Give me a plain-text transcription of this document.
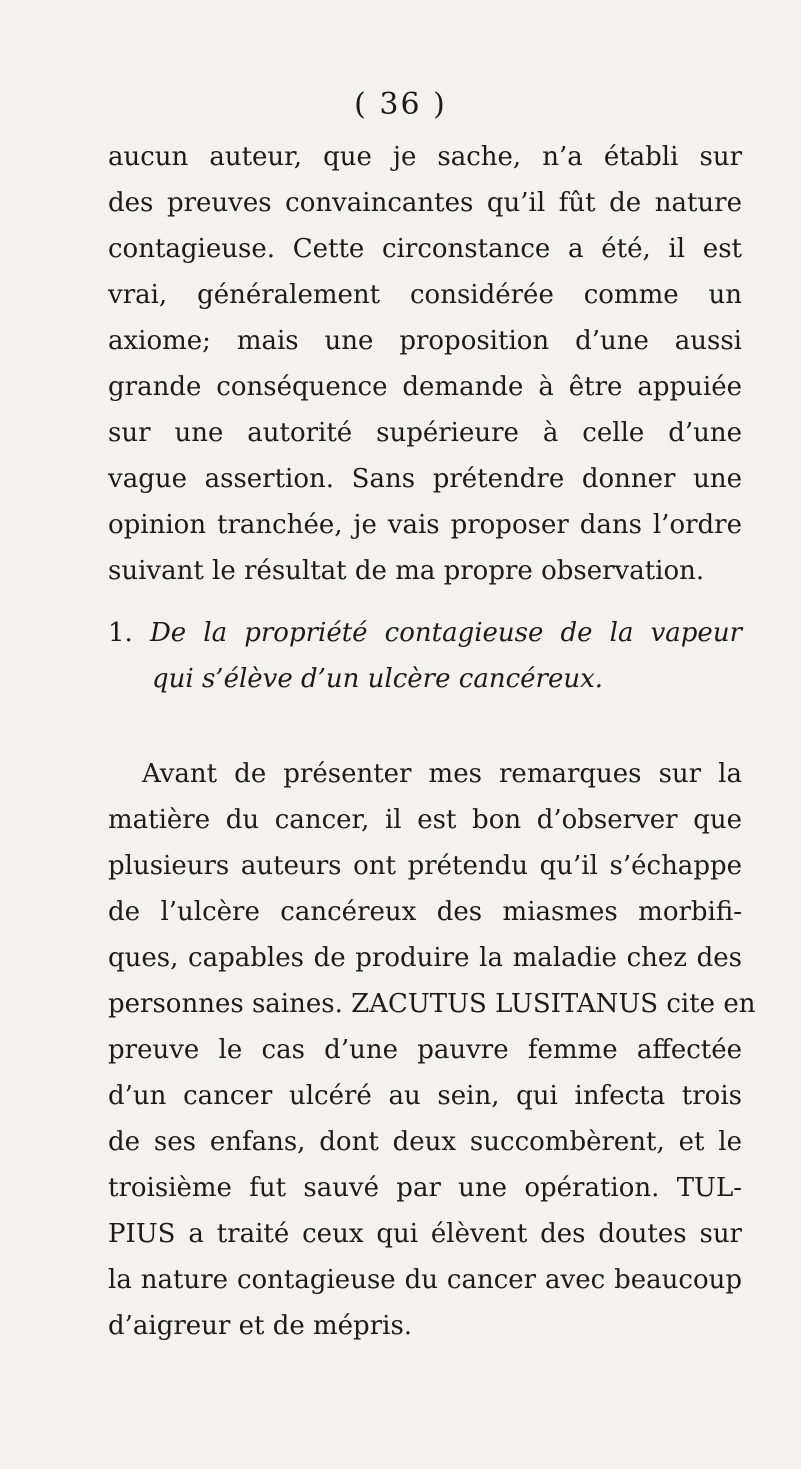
( 36 )
aucun auteur, que je sache, n’a établi sur
des preuves convaincantes qu’il fût de nature
contagieuse. Cette circonstance a été, il est
vrai, généralement considérée comme un
axiome; mais une proposition d’une aussi
grande conséquence demande à être appuiée
sur une autorité supérieure à celle d’une
vague assertion. Sans prétendre donner une
opinion tranchée, je vais proposer dans l’ordre
suivant le résultat de ma propre observation.
1. De la propriété contagieuse de la vapeur
qui s’élève d’un ulcère cancéreux.
Avant de présenter mes remarques sur la
matière du cancer, il est bon d’observer que
plusieurs auteurs ont prétendu qu’il s’échappe
de l’ulcère cancéreux des miasmes morbifi-
ques, capables de produire la maladie chez des
personnes saines. ZACUTUS LUSITANUS cite en
preuve le cas d’une pauvre femme affectée
d’un cancer ulcéré au sein, qui infecta trois
de ses enfans, dont deux succombèrent, et le
troisième fut sauvé par une opération. TUL-
PIUS a traité ceux qui élèvent des doutes sur
la nature contagieuse du cancer avec beaucoup
d’aigreur et de mépris.
